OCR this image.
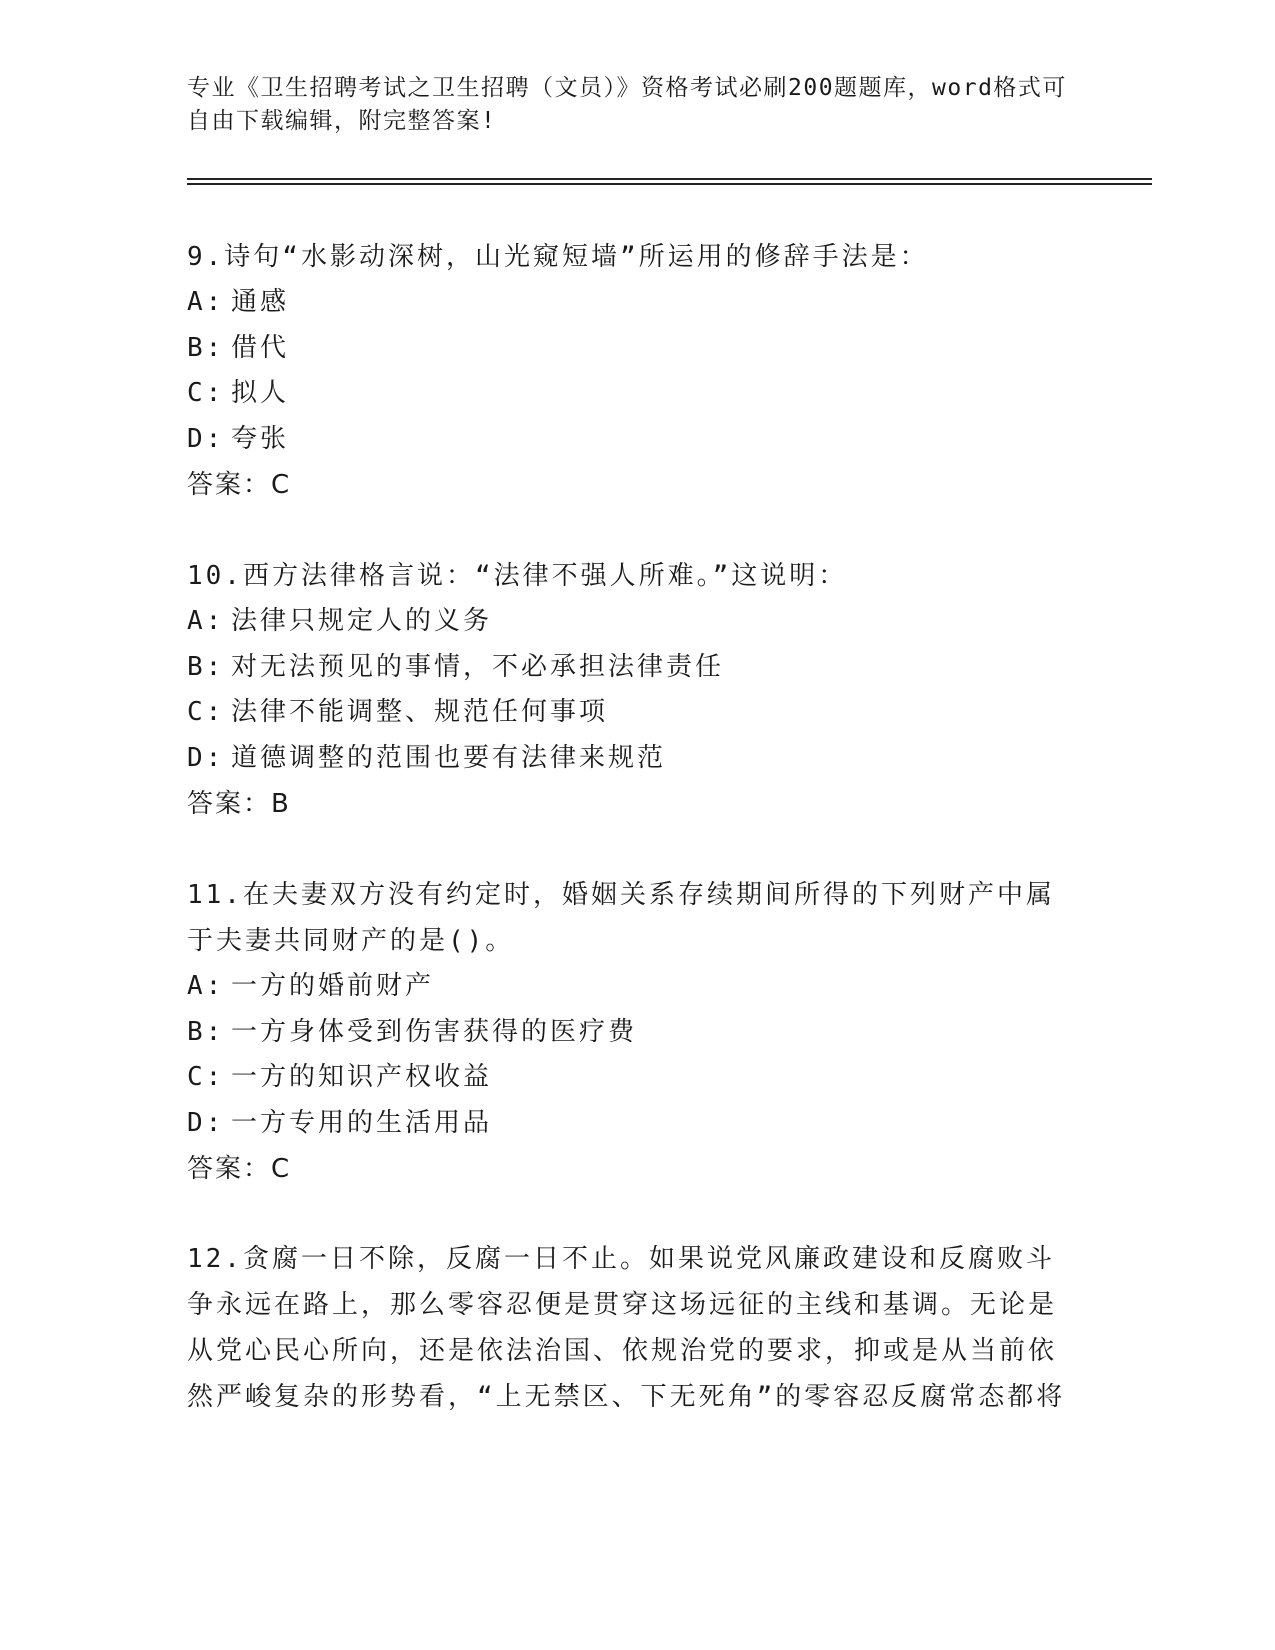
专业《卫生招聘考试之卫生招聘（文员）》资格考试必刷200题题库，word格式可自由下载编辑，附完整答案!
9.诗句“水影动深树，山光窥短墙”所运用的修辞手法是：
A: 通感
B: 借代
C: 拟人
D: 夸张
答案：C
10.西方法律格言说：“法律不强人所难。”这说明：
A: 法律只规定人的义务
B: 对无法预见的事情，不必承担法律责任
C: 法律不能调整、规范任何事项
D: 道德调整的范围也要有法律来规范
答案：B
11.在夫妻双方没有约定时，婚姻关系存续期间所得的下列财产中属于夫妻共同财产的是()。
A: 一方的婚前财产
B: 一方身体受到伤害获得的医疗费
C: 一方的知识产权收益
D: 一方专用的生活用品
答案：C
12.贪腐一日不除，反腐一日不止。如果说党风廉政建设和反腐败斗争永远在路上，那么零容忍便是贯穿这场远征的主线和基调。无论是从党心民心所向，还是依法治国、依规治党的要求，抑或是从当前依然严峻复杂的形势看，“上无禁区、下无死角”的零容忍反腐常态都将
